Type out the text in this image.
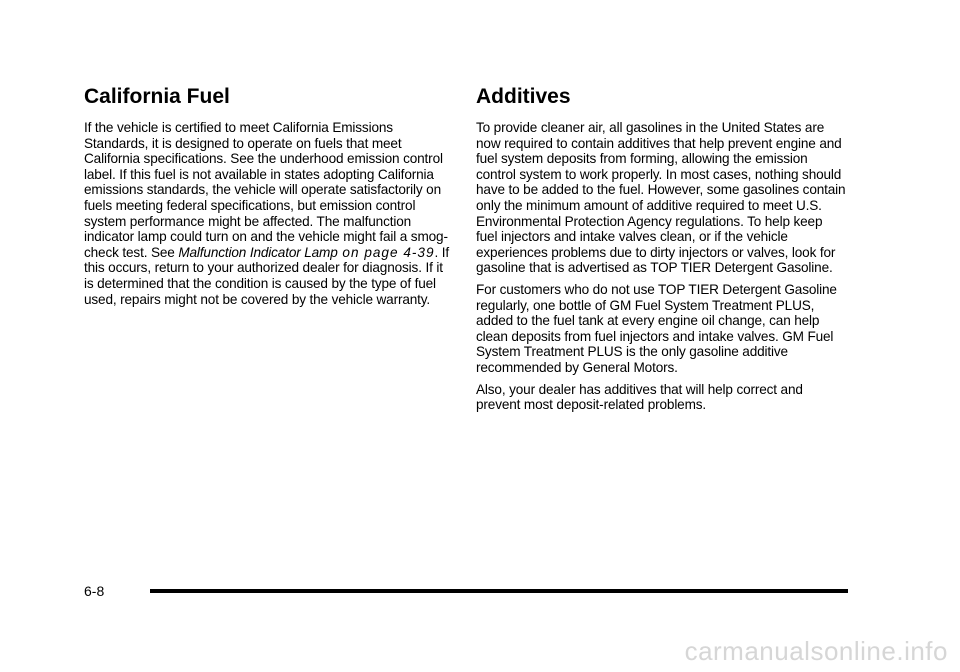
California Fuel

If the vehicle is certified to meet California Emissions Standards, it is designed to operate on fuels that meet California specifications. See the underhood emission control label. If this fuel is not available in states adopting California emissions standards, the vehicle will operate satisfactorily on fuels meeting federal specifications, but emission control system performance might be affected. The malfunction indicator lamp could turn on and the vehicle might fail a smog-check test. See Malfunction Indicator Lamp on page 4‑39. If this occurs, return to your authorized dealer for diagnosis. If it is determined that the condition is caused by the type of fuel used, repairs might not be covered by the vehicle warranty.

Additives

To provide cleaner air, all gasolines in the United States are now required to contain additives that help prevent engine and fuel system deposits from forming, allowing the emission control system to work properly. In most cases, nothing should have to be added to the fuel. However, some gasolines contain only the minimum amount of additive required to meet U.S. Environmental Protection Agency regulations. To help keep fuel injectors and intake valves clean, or if the vehicle experiences problems due to dirty injectors or valves, look for gasoline that is advertised as TOP TIER Detergent Gasoline.

For customers who do not use TOP TIER Detergent Gasoline regularly, one bottle of GM Fuel System Treatment PLUS, added to the fuel tank at every engine oil change, can help clean deposits from fuel injectors and intake valves. GM Fuel System Treatment PLUS is the only gasoline additive recommended by General Motors.

Also, your dealer has additives that will help correct and prevent most deposit-related problems.

6-8
carmanualsonline.info
